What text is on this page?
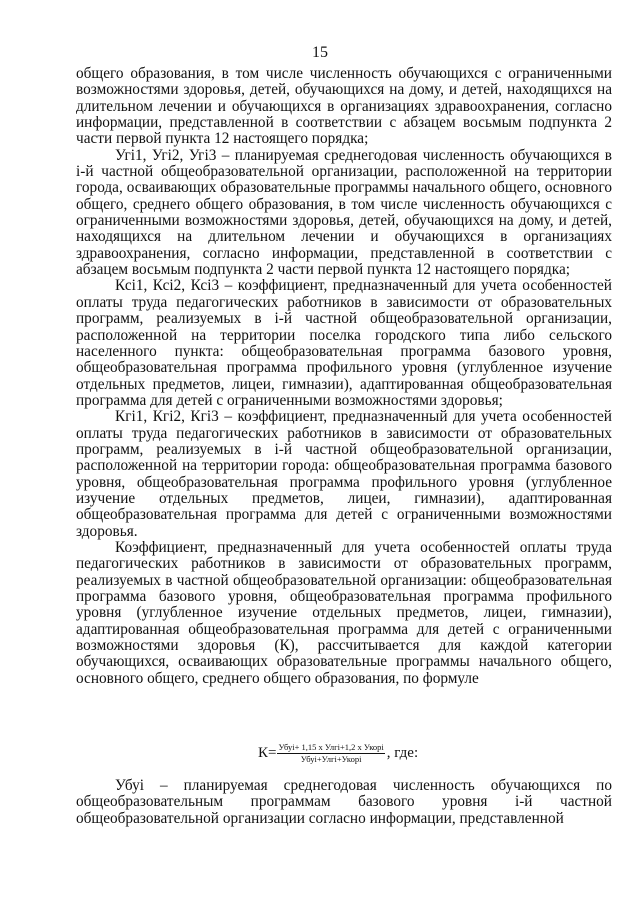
15

общего образования, в том числе численность обучающихся с ограниченными возможностями здоровья, детей, обучающихся на дому, и детей, находящихся на длительном лечении и обучающихся в организациях здравоохранения, согласно информации, представленной в соответствии с абзацем восьмым подпункта 2 части первой пункта 12 настоящего порядка;

Угі1, Угі2, Угі3 – планируемая среднегодовая численность обучающихся в і-й частной общеобразовательной организации, расположенной на территории города, осваивающих образовательные программы начального общего, основного общего, среднего общего образования, в том числе численность обучающихся с ограниченными возможностями здоровья, детей, обучающихся на дому, и детей, находящихся на длительном лечении и обучающихся в организациях здравоохранения, согласно информации, представленной в соответствии с абзацем восьмым подпункта 2 части первой пункта 12 настоящего порядка;

Ксі1, Ксі2, Ксі3 – коэффициент, предназначенный для учета особенностей оплаты труда педагогических работников в зависимости от образовательных программ, реализуемых в і-й частной общеобразовательной организации, расположенной на территории поселка городского типа либо сельского населенного пункта: общеобразовательная программа базового уровня, общеобразовательная программа профильного уровня (углубленное изучение отдельных предметов, лицеи, гимназии), адаптированная общеобразовательная программа для детей с ограниченными возможностями здоровья;

Кгі1, Кгі2, Кгі3 – коэффициент, предназначенный для учета особенностей оплаты труда педагогических работников в зависимости от образовательных программ, реализуемых в і-й частной общеобразовательной организации, расположенной на территории города: общеобразовательная программа базового уровня, общеобразовательная программа профильного уровня (углубленное изучение отдельных предметов, лицеи, гимназии), адаптированная общеобразовательная программа для детей с ограниченными возможностями здоровья.

Коэффициент, предназначенный для учета особенностей оплаты труда педагогических работников в зависимости от образовательных программ, реализуемых в частной общеобразовательной организации: общеобразовательная программа базового уровня, общеобразовательная программа профильного уровня (углубленное изучение отдельных предметов, лицеи, гимназии), адаптированная общеобразовательная программа для детей с ограниченными возможностями здоровья (К), рассчитывается для каждой категории обучающихся, осваивающих образовательные программы начального общего, основного общего, среднего общего образования, по формуле

$К= \frac{\text{Убуі+ 1,15 х Улгі+1,2 х Укорі}}{\text{Убуі+Улгі+Укорі}}$ , где:

Убуі – планируемая среднегодовая численность обучающихся по общеобразовательным программам базового уровня і-й частной общеобразовательной организации согласно информации, представленной
